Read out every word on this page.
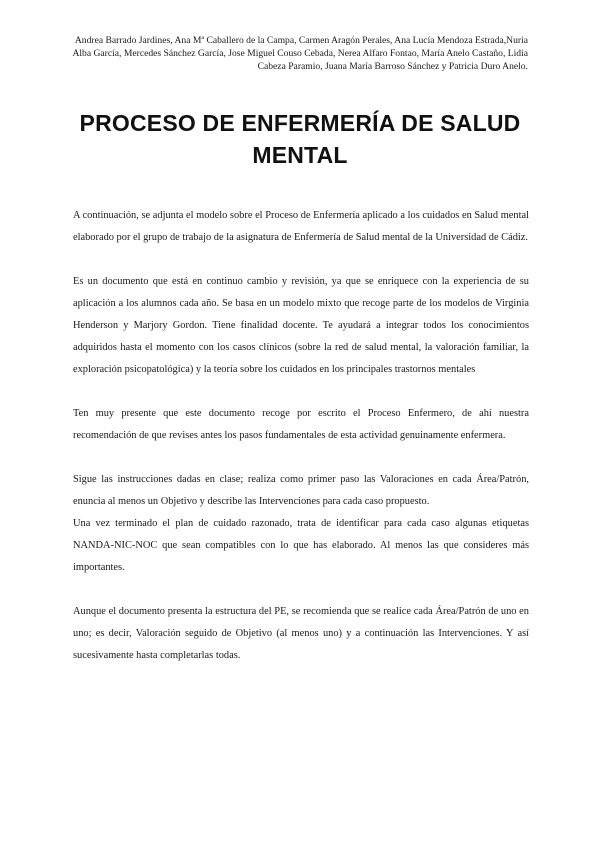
Andrea Barrado Jardines, Ana Mª Caballero de la Campa, Carmen Aragón Perales, Ana Lucía Mendoza Estrada,Nuria Alba García, Mercedes Sánchez García, Jose Miguel Couso Cebada, Nerea Alfaro Fontao, María Anelo Castaño, Lidia Cabeza Paramio, Juana María Barroso Sánchez y Patricia Duro Anelo.
PROCESO DE ENFERMERÍA DE SALUD MENTAL

A continuación, se adjunta el modelo sobre el Proceso de Enfermería aplicado a los cuidados en Salud mental elaborado por el grupo de trabajo de la asignatura de Enfermería de Salud mental de la Universidad de Cádiz.

Es un documento que está en continuo cambio y revisión, ya que se enriquece con la experiencia de su aplicación a los alumnos cada año. Se basa en un modelo mixto que recoge parte de los modelos de Virginia Henderson y Marjory Gordon. Tiene finalidad docente. Te ayudará a integrar todos los conocimientos adquiridos hasta el momento con los casos clínicos (sobre la red de salud mental, la valoración familiar, la exploración psicopatológica) y la teoría sobre los cuidados en los principales trastornos mentales

Ten muy presente que este documento recoge por escrito el Proceso Enfermero, de ahí nuestra recomendación de que revises antes los pasos fundamentales de esta actividad genuinamente enfermera.

Sigue las instrucciones dadas en clase; realiza como primer paso las Valoraciones en cada Área/Patrón, enuncia al menos un Objetivo y describe las Intervenciones para cada caso propuesto.

Una vez terminado el plan de cuidado razonado, trata de identificar para cada caso algunas etiquetas NANDA-NIC-NOC que sean compatibles con lo que has elaborado. Al menos las que consideres más importantes.

Aunque el documento presenta la estructura del PE, se recomienda que se realice cada Área/Patrón de uno en uno; es decir, Valoración seguido de Objetivo (al menos uno) y a continuación las Intervenciones. Y así sucesivamente hasta completarlas todas.
